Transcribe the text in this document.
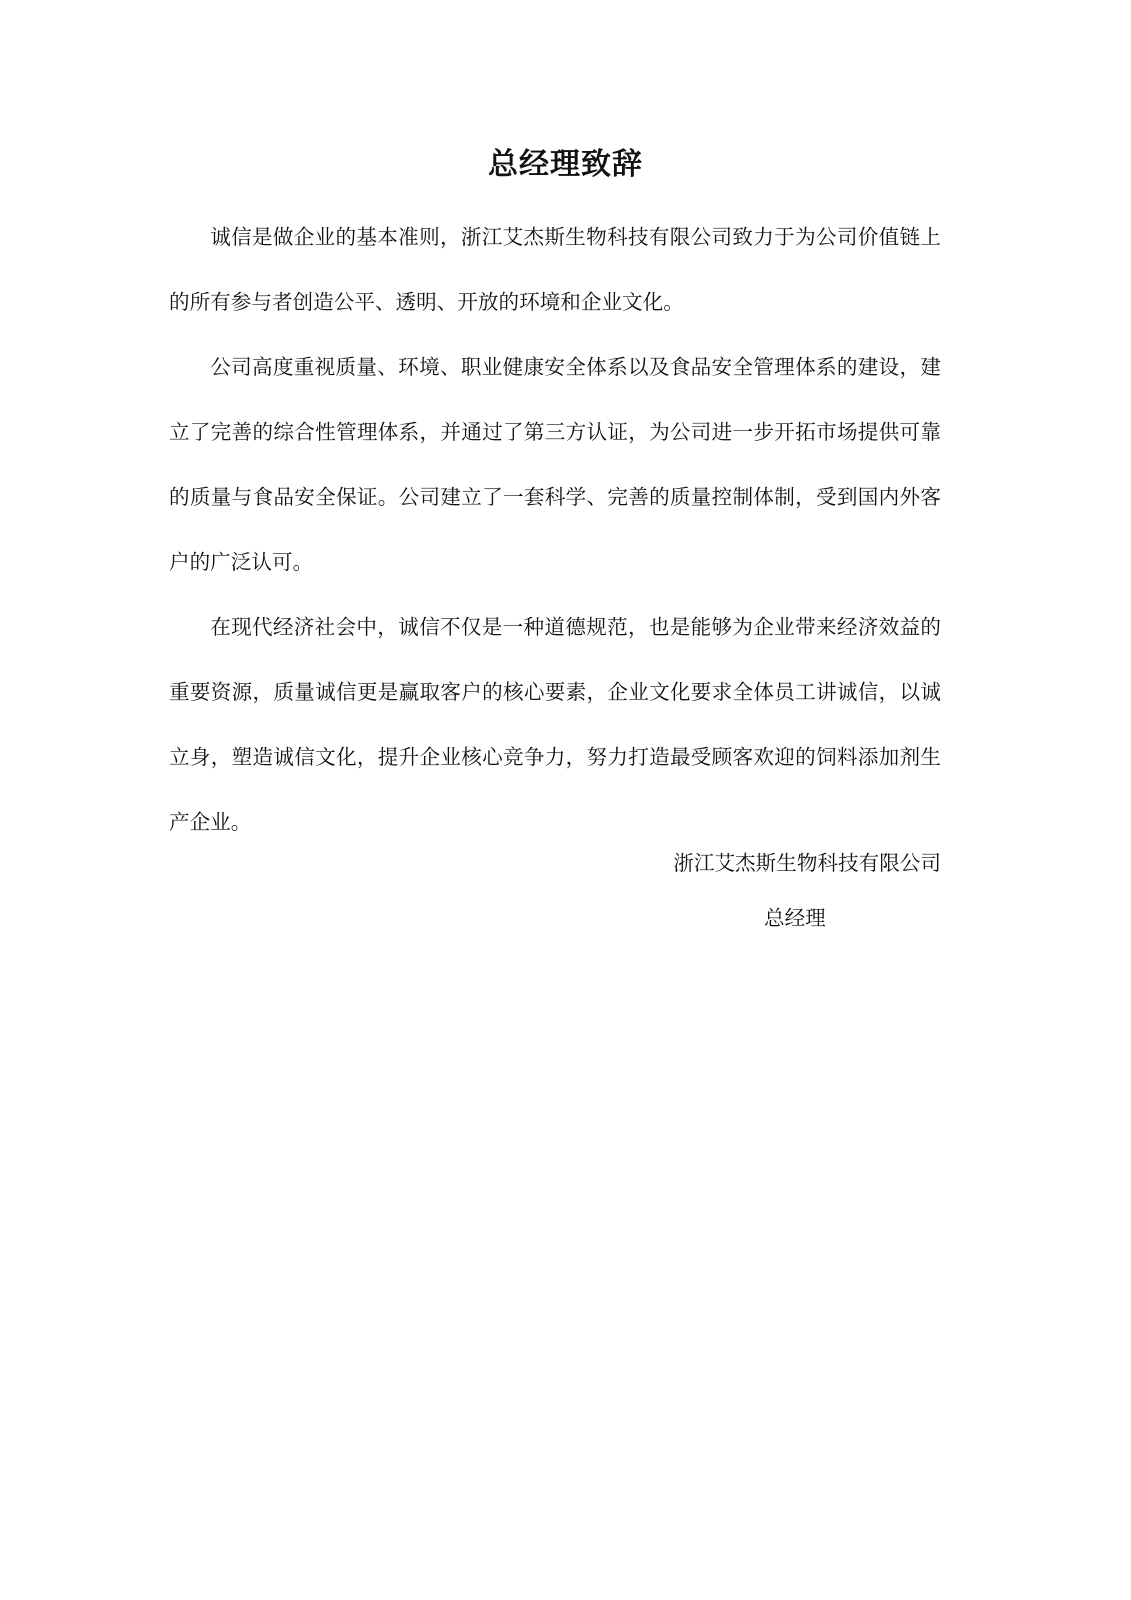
总经理致辞

诚信是做企业的基本准则，浙江艾杰斯生物科技有限公司致力于为公司价值链上的所有参与者创造公平、透明、开放的环境和企业文化。

公司高度重视质量、环境、职业健康安全体系以及食品安全管理体系的建设，建立了完善的综合性管理体系，并通过了第三方认证，为公司进一步开拓市场提供可靠的质量与食品安全保证。公司建立了一套科学、完善的质量控制体制，受到国内外客户的广泛认可。

在现代经济社会中，诚信不仅是一种道德规范，也是能够为企业带来经济效益的重要资源，质量诚信更是赢取客户的核心要素，企业文化要求全体员工讲诚信，以诚立身，塑造诚信文化，提升企业核心竞争力，努力打造最受顾客欢迎的饲料添加剂生产企业。

浙江艾杰斯生物科技有限公司
总经理
